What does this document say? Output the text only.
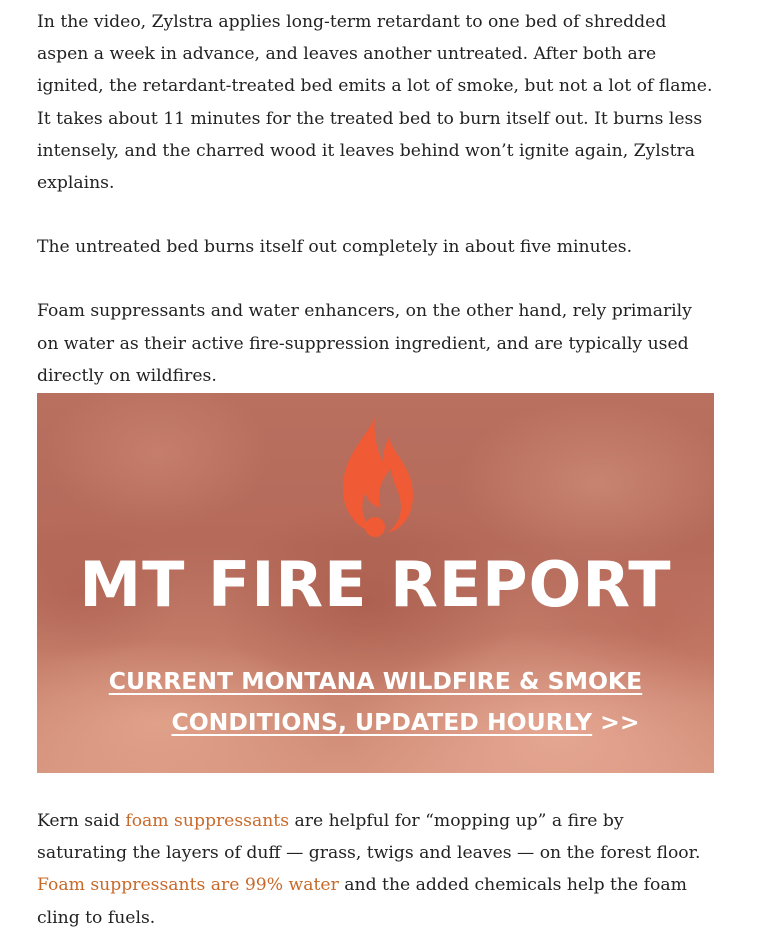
In the video, Zylstra applies long-term retardant to one bed of shredded aspen a week in advance, and leaves another untreated. After both are ignited, the retardant-treated bed emits a lot of smoke, but not a lot of flame. It takes about 11 minutes for the treated bed to burn itself out. It burns less intensely, and the charred wood it leaves behind won’t ignite again, Zylstra explains.

The untreated bed burns itself out completely in about five minutes.

Foam suppressants and water enhancers, on the other hand, rely primarily on water as their active fire-suppression ingredient, and are typically used directly on wildfires.

MT FIRE REPORT
CURRENT MONTANA WILDFIRE & SMOKE
CONDITIONS, UPDATED HOURLY >>

Kern said foam suppressants are helpful for “mopping up” a fire by saturating the layers of duff — grass, twigs and leaves — on the forest floor. Foam suppressants are 99% water and the added chemicals help the foam cling to fuels.
